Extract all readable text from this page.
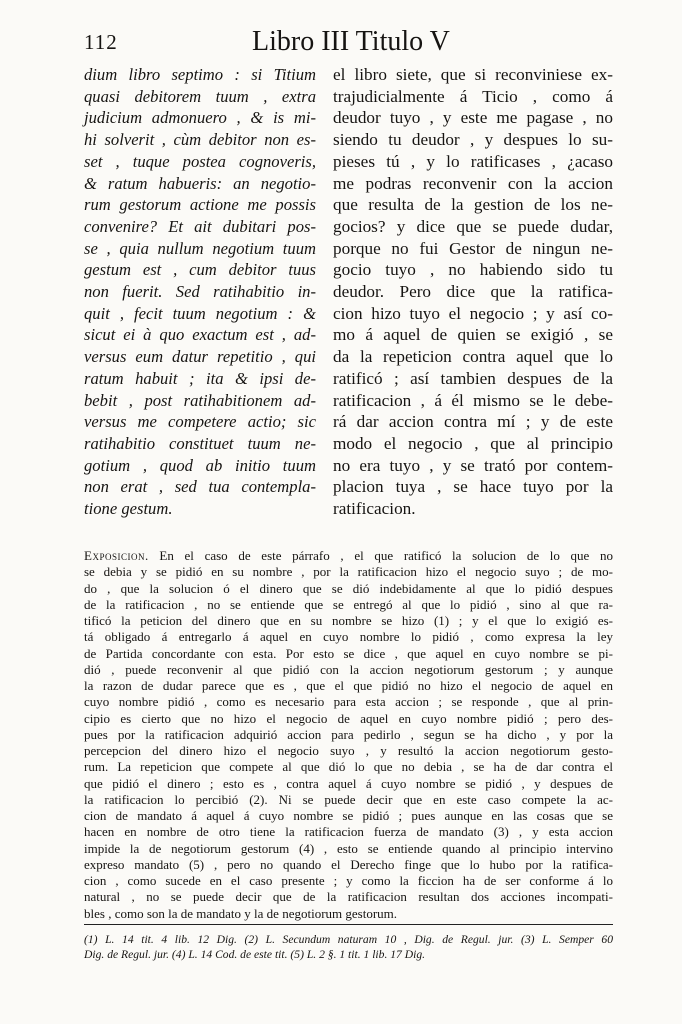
112	Libro III Titulo V
dium libro septimo : si Titium
quasi debitorem tuum , extra
judicium admonuero , & is mi-
hi solverit , cùm debitor non es-
set , tuque postea cognoveris,
& ratum habueris: an negotio-
rum gestorum actione me possis
convenire? Et ait dubitari pos-
se , quia nullum negotium tuum
gestum est , cum debitor tuus
non fuerit. Sed ratihabitio in-
quit , fecit tuum negotium : &
sicut ei à quo exactum est , ad-
versus eum datur repetitio , qui
ratum habuit ; ita & ipsi de-
bebit , post ratihabitionem ad-
versus me competere actio; sic
ratihabitio constituet tuum ne-
gotium , quod ab initio tuum
non erat , sed tua contempla-
tione gestum.
el libro siete, que si reconviniese ex-
trajudicialmente á Ticio , como á
deudor tuyo , y este me pagase , no
siendo tu deudor , y despues lo su-
pieses tú , y lo ratificases , ¿acaso
me podras reconvenir con la accion
que resulta de la gestion de los ne-
gocios? y dice que se puede dudar,
porque no fui Gestor de ningun ne-
gocio tuyo , no habiendo sido tu
deudor. Pero dice que la ratifica-
cion hizo tuyo el negocio ; y así co-
mo á aquel de quien se exigió , se
da la repeticion contra aquel que lo
ratificó ; así tambien despues de la
ratificacion , á él mismo se le debe-
rá dar accion contra mí ; y de este
modo el negocio , que al principio
no era tuyo , y se trató por contem-
placion tuya , se hace tuyo por la
ratificacion.
Exposicion. En el caso de este párrafo , el que ratificó la solucion de lo que no
se debia y se pidió en su nombre , por la ratificacion hizo el negocio suyo ; de mo-
do , que la solucion ó el dinero que se dió indebidamente al que lo pidió despues
de la ratificacion , no se entiende que se entregó al que lo pidió , sino al que ra-
tificó la peticion del dinero que en su nombre se hizo (1) ; y el que lo exigió es-
tá obligado á entregarlo á aquel en cuyo nombre lo pidió , como expresa la ley
de Partida concordante con esta. Por esto se dice , que aquel en cuyo nombre se pi-
dió , puede reconvenir al que pidió con la accion negotiorum gestorum ; y aunque
la razon de dudar parece que es , que el que pidió no hizo el negocio de aquel en
cuyo nombre pidió , como es necesario para esta accion ; se responde , que al prin-
cipio es cierto que no hizo el negocio de aquel en cuyo nombre pidió ; pero des-
pues por la ratificacion adquirió accion para pedirlo , segun se ha dicho , y por la
percepcion del dinero hizo el negocio suyo , y resultó la accion negotiorum gesto-
rum. La repeticion que compete al que dió lo que no debia , se ha de dar contra el
que pidió el dinero ; esto es , contra aquel á cuyo nombre se pidió , y despues de
la ratificacion lo percibió (2). Ni se puede decir que en este caso compete la ac-
cion de mandato á aquel á cuyo nombre se pidió ; pues aunque en las cosas que se
hacen en nombre de otro tiene la ratificacion fuerza de mandato (3) , y esta accion
impide la de negotiorum gestorum (4) , esto se entiende quando al principio intervino
expreso mandato (5) , pero no quando el Derecho finge que lo hubo por la ratifica-
cion , como sucede en el caso presente ; y como la ficcion ha de ser conforme á lo
natural , no se puede decir que de la ratificacion resultan dos acciones incompati-
bles , como son la de mandato y la de negotiorum gestorum.
(1) L. 14 tit. 4 lib. 12 Dig. (2) L. Secundum naturam 10 , Dig. de Regul. jur. (3) L. Semper 60
Dig. de Regul. jur. (4) L. 14 Cod. de este tit. (5) L. 2 §. 1 tit. 1 lib. 17 Dig.
